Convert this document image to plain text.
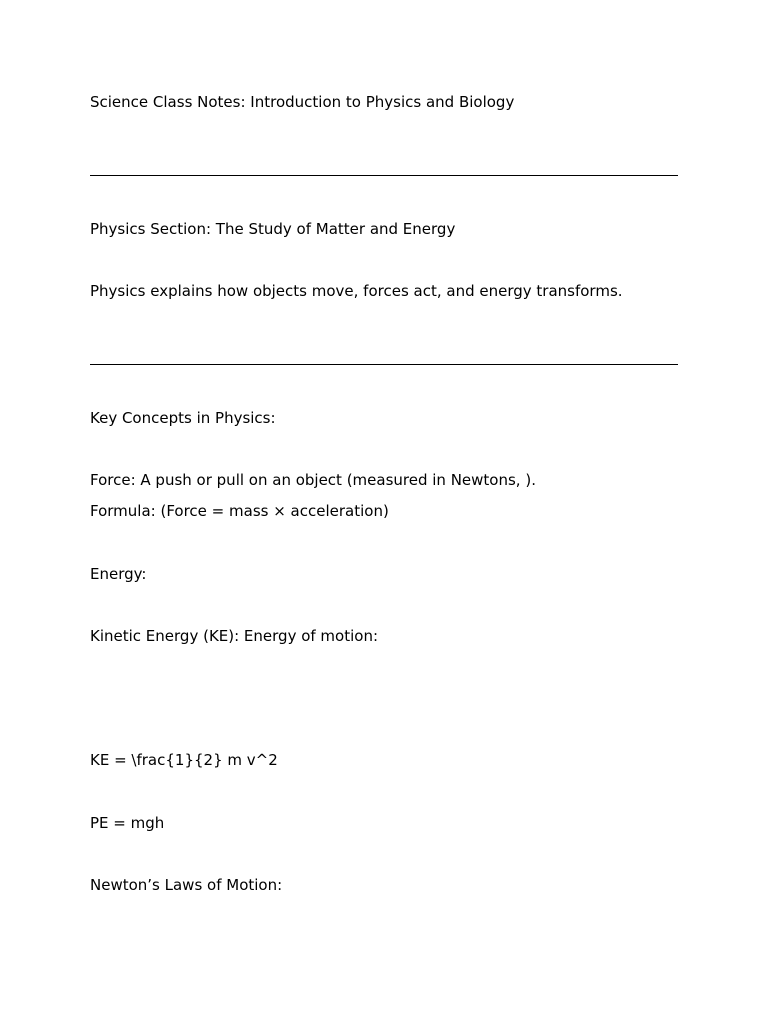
Science Class Notes: Introduction to Physics and Biology
Physics Section: The Study of Matter and Energy
Physics explains how objects move, forces act, and energy transforms.
Key Concepts in Physics:
Force: A push or pull on an object (measured in Newtons, ).
Formula: (Force = mass × acceleration)
Energy:
Kinetic Energy (KE): Energy of motion:
KE = \frac{1}{2} m v^2
PE = mgh
Newton’s Laws of Motion:
